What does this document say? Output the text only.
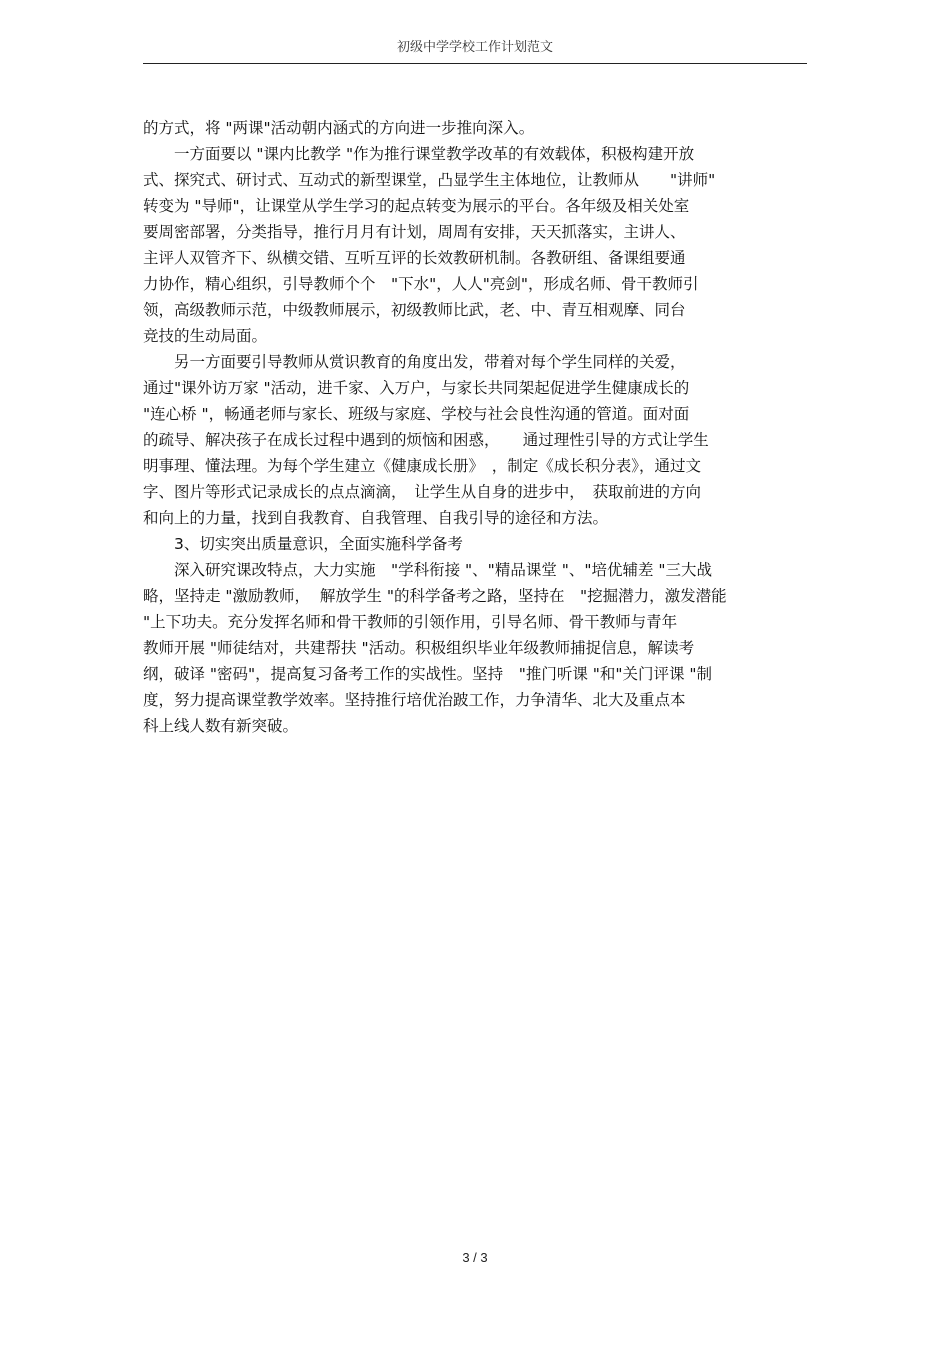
初级中学学校工作计划范文
的方式，将 "两课"活动朝内涵式的方向进一步推向深入。
　　一方面要以 "课内比教学 "作为推行课堂教学改革的有效载体，积极构建开放
式、探究式、研讨式、互动式的新型课堂，凸显学生主体地位，让教师从　　"讲师"
转变为 "导师"，让课堂从学生学习的起点转变为展示的平台。各年级及相关处室
要周密部署，分类指导，推行月月有计划，周周有安排，天天抓落实，主讲人、
主评人双管齐下、纵横交错、互听互评的长效教研机制。各教研组、备课组要通
力协作，精心组织，引导教师个个　"下水"，人人"亮剑"，形成名师、骨干教师引
领，高级教师示范，中级教师展示，初级教师比武，老、中、青互相观摩、同台
竞技的生动局面。
　　另一方面要引导教师从赏识教育的角度出发，带着对每个学生同样的关爱，
通过"课外访万家 "活动，进千家、入万户，与家长共同架起促进学生健康成长的
"连心桥 "，畅通老师与家长、班级与家庭、学校与社会良性沟通的管道。面对面
的疏导、解决孩子在成长过程中遇到的烦恼和困惑，　　通过理性引导的方式让学生
明事理、懂法理。为每个学生建立《健康成长册》　，制定《成长积分表》，通过文
字、图片等形式记录成长的点点滴滴，　让学生从自身的进步中，　获取前进的方向
和向上的力量，找到自我教育、自我管理、自我引导的途径和方法。
　　3、切实突出质量意识，全面实施科学备考
　　深入研究课改特点，大力实施　"学科衔接 "、"精品课堂 "、"培优辅差 "三大战
略，坚持走 "激励教师，  解放学生 "的科学备考之路，坚持在　"挖掘潜力，激发潜能
"上下功夫。充分发挥名师和骨干教师的引领作用，引导名师、骨干教师与青年
教师开展 "师徒结对，共建帮扶 "活动。积极组织毕业年级教师捕捉信息，解读考
纲，破译 "密码"，提高复习备考工作的实战性。坚持　"推门听课 "和"关门评课 "制
度，努力提高课堂教学效率。坚持推行培优治跛工作，力争清华、北大及重点本
科上线人数有新突破。
3 / 3
